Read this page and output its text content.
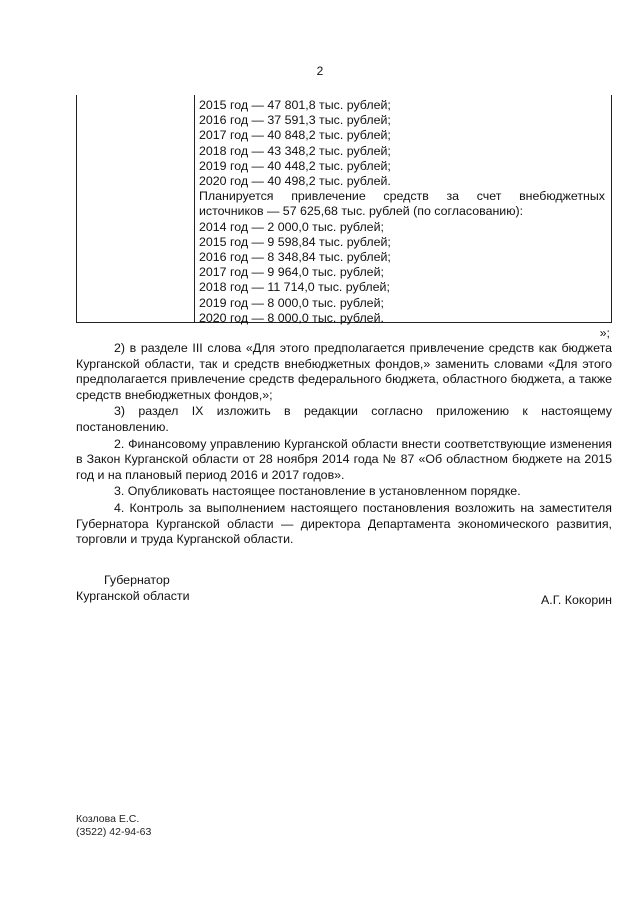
2
2015 год — 47 801,8 тыс. рублей;
2016 год — 37 591,3 тыс. рублей;
2017 год — 40 848,2 тыс. рублей;
2018 год — 43 348,2 тыс. рублей;
2019 год — 40 448,2 тыс. рублей;
2020 год — 40 498,2 тыс. рублей.
Планируется привлечение средств за счет внебюджетных
источников — 57 625,68 тыс. рублей (по согласованию):
2014 год — 2 000,0 тыс. рублей;
2015 год — 9 598,84 тыс. рублей;
2016 год — 8 348,84 тыс. рублей;
2017 год — 9 964,0 тыс. рублей;
2018 год — 11 714,0 тыс. рублей;
2019 год — 8 000,0 тыс. рублей;
2020 год — 8 000,0 тыс. рублей.
»;

2) в разделе III слова «Для этого предполагается привлечение средств как бюджета Курганской области, так и средств внебюджетных фондов,» заменить словами «Для этого предполагается привлечение средств федерального бюджета, областного бюджета, а также средств внебюджетных фондов,»;

3) раздел IX изложить в редакции согласно приложению к настоящему постановлению.

2. Финансовому управлению Курганской области внести соответствующие изменения в Закон Курганской области от 28 ноября 2014 года № 87 «Об областном бюджете на 2015 год и на плановый период 2016 и 2017 годов».

3. Опубликовать настоящее постановление в установленном порядке.

4. Контроль за выполнением настоящего постановления возложить на заместителя Губернатора Курганской области — директора Департамента экономического развития, торговли и труда Курганской области.

Губернатор
Курганской области	А.Г. Кокорин
Козлова Е.С.
(3522) 42-94-63
